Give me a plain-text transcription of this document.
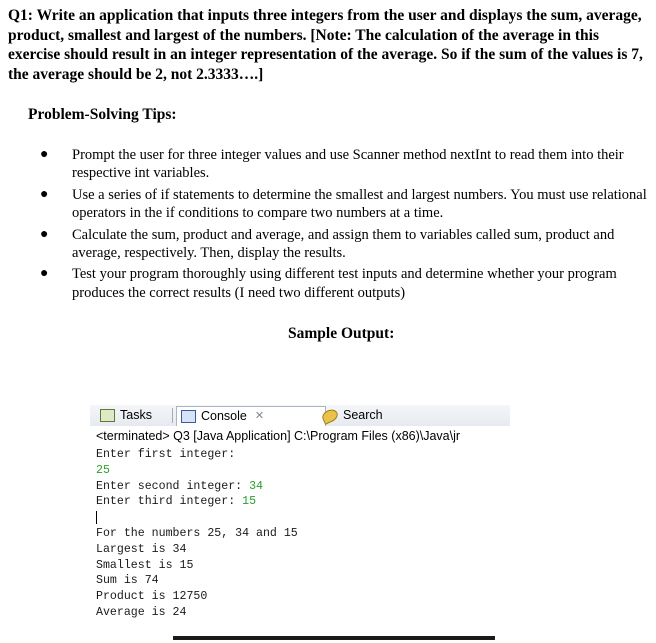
Q1: Write an application that inputs three integers from the user and displays the sum, average, product, smallest and largest of the numbers. [Note: The calculation of the average in this exercise should result in an integer representation of the average. So if the sum of the values is 7, the average should be 2, not 2.3333….]

Problem-Solving Tips:

● Prompt the user for three integer values and use Scanner method nextInt to read them into their respective int variables.
● Use a series of if statements to determine the smallest and largest numbers. You must use relational operators in the if conditions to compare two numbers at a time.
● Calculate the sum, product and average, and assign them to variables called sum, product and average, respectively. Then, display the results.
● Test your program thoroughly using different test inputs and determine whether your program produces the correct results (I need two different outputs)

Sample Output:

Tasks	Console ✕	Search
<terminated> Q3 [Java Application] C:\Program Files (x86)\Java\jr
Enter first integer:
25
Enter second integer: 34
Enter third integer: 15
For the numbers 25, 34 and 15
Largest is 34
Smallest is 15
Sum is 74
Product is 12750
Average is 24
